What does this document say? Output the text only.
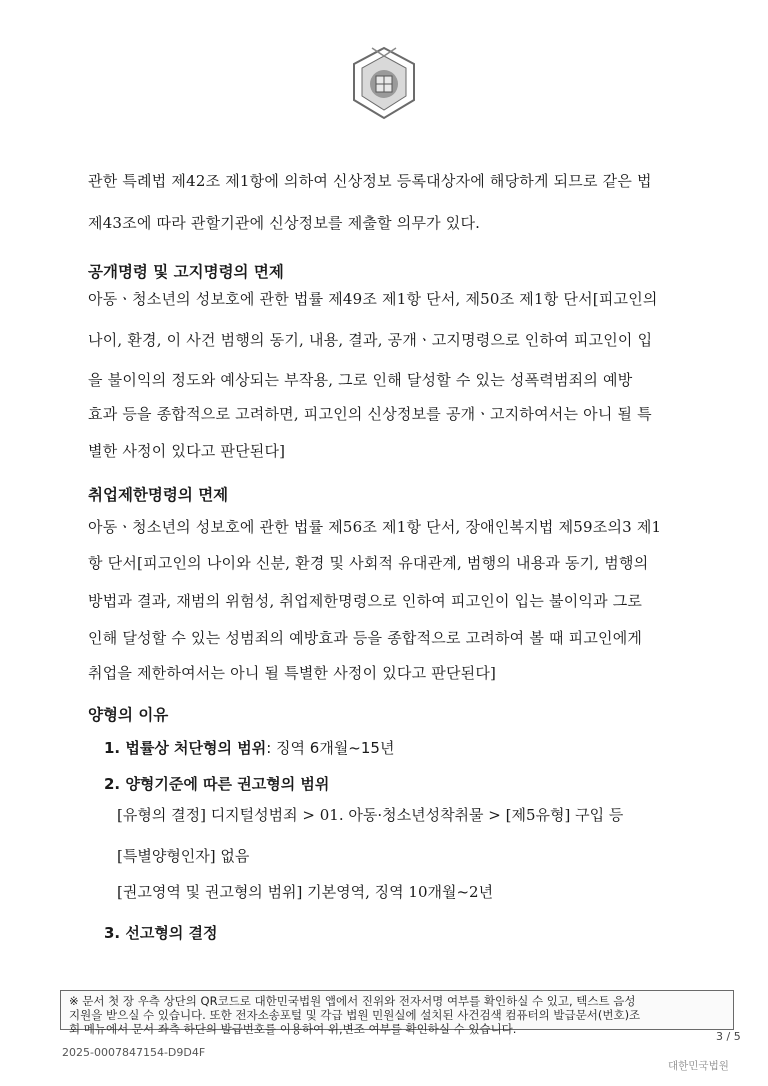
관한 특례법 제42조 제1항에 의하여 신상정보 등록대상자에 해당하게 되므로 같은 법
제43조에 따라 관할기관에 신상정보를 제출할 의무가 있다.
공개명령 및 고지명령의 면제
아동ㆍ청소년의 성보호에 관한 법률 제49조 제1항 단서, 제50조 제1항 단서[피고인의
나이, 환경, 이 사건 범행의 동기, 내용, 결과, 공개ㆍ고지명령으로 인하여 피고인이 입
을 불이익의 정도와 예상되는 부작용, 그로 인해 달성할 수 있는 성폭력범죄의 예방
효과 등을 종합적으로 고려하면, 피고인의 신상정보를 공개ㆍ고지하여서는 아니 될 특
별한 사정이 있다고 판단된다]
취업제한명령의 면제
아동ㆍ청소년의 성보호에 관한 법률 제56조 제1항 단서, 장애인복지법 제59조의3 제1
항 단서[피고인의 나이와 신분, 환경 및 사회적 유대관계, 범행의 내용과 동기, 범행의
방법과 결과, 재범의 위험성, 취업제한명령으로 인하여 피고인이 입는 불이익과 그로
인해 달성할 수 있는 성범죄의 예방효과 등을 종합적으로 고려하여 볼 때 피고인에게
취업을 제한하여서는 아니 될 특별한 사정이 있다고 판단된다]
양형의 이유
1. 법률상 처단형의 범위: 징역 6개월~15년
2. 양형기준에 따른 권고형의 범위
[유형의 결정] 디지털성범죄 > 01. 아동·청소년성착취물 > [제5유형] 구입 등
[특별양형인자] 없음
[권고영역 및 권고형의 범위] 기본영역, 징역 10개월~2년
3. 선고형의 결정
※ 문서 첫 장 우측 상단의 QR코드로 대한민국법원 앱에서 진위와 전자서명 여부를 확인하실 수 있고, 텍스트 음성
지원을 받으실 수 있습니다. 또한 전자소송포털 및 각급 법원 민원실에 설치된 사건검색 컴퓨터의 발급문서(번호)조
회 메뉴에서 문서 좌측 하단의 발급번호를 이용하여 위,변조 여부를 확인하실 수 있습니다.
3 / 5
2025-0007847154-D9D4F
대한민국법원
